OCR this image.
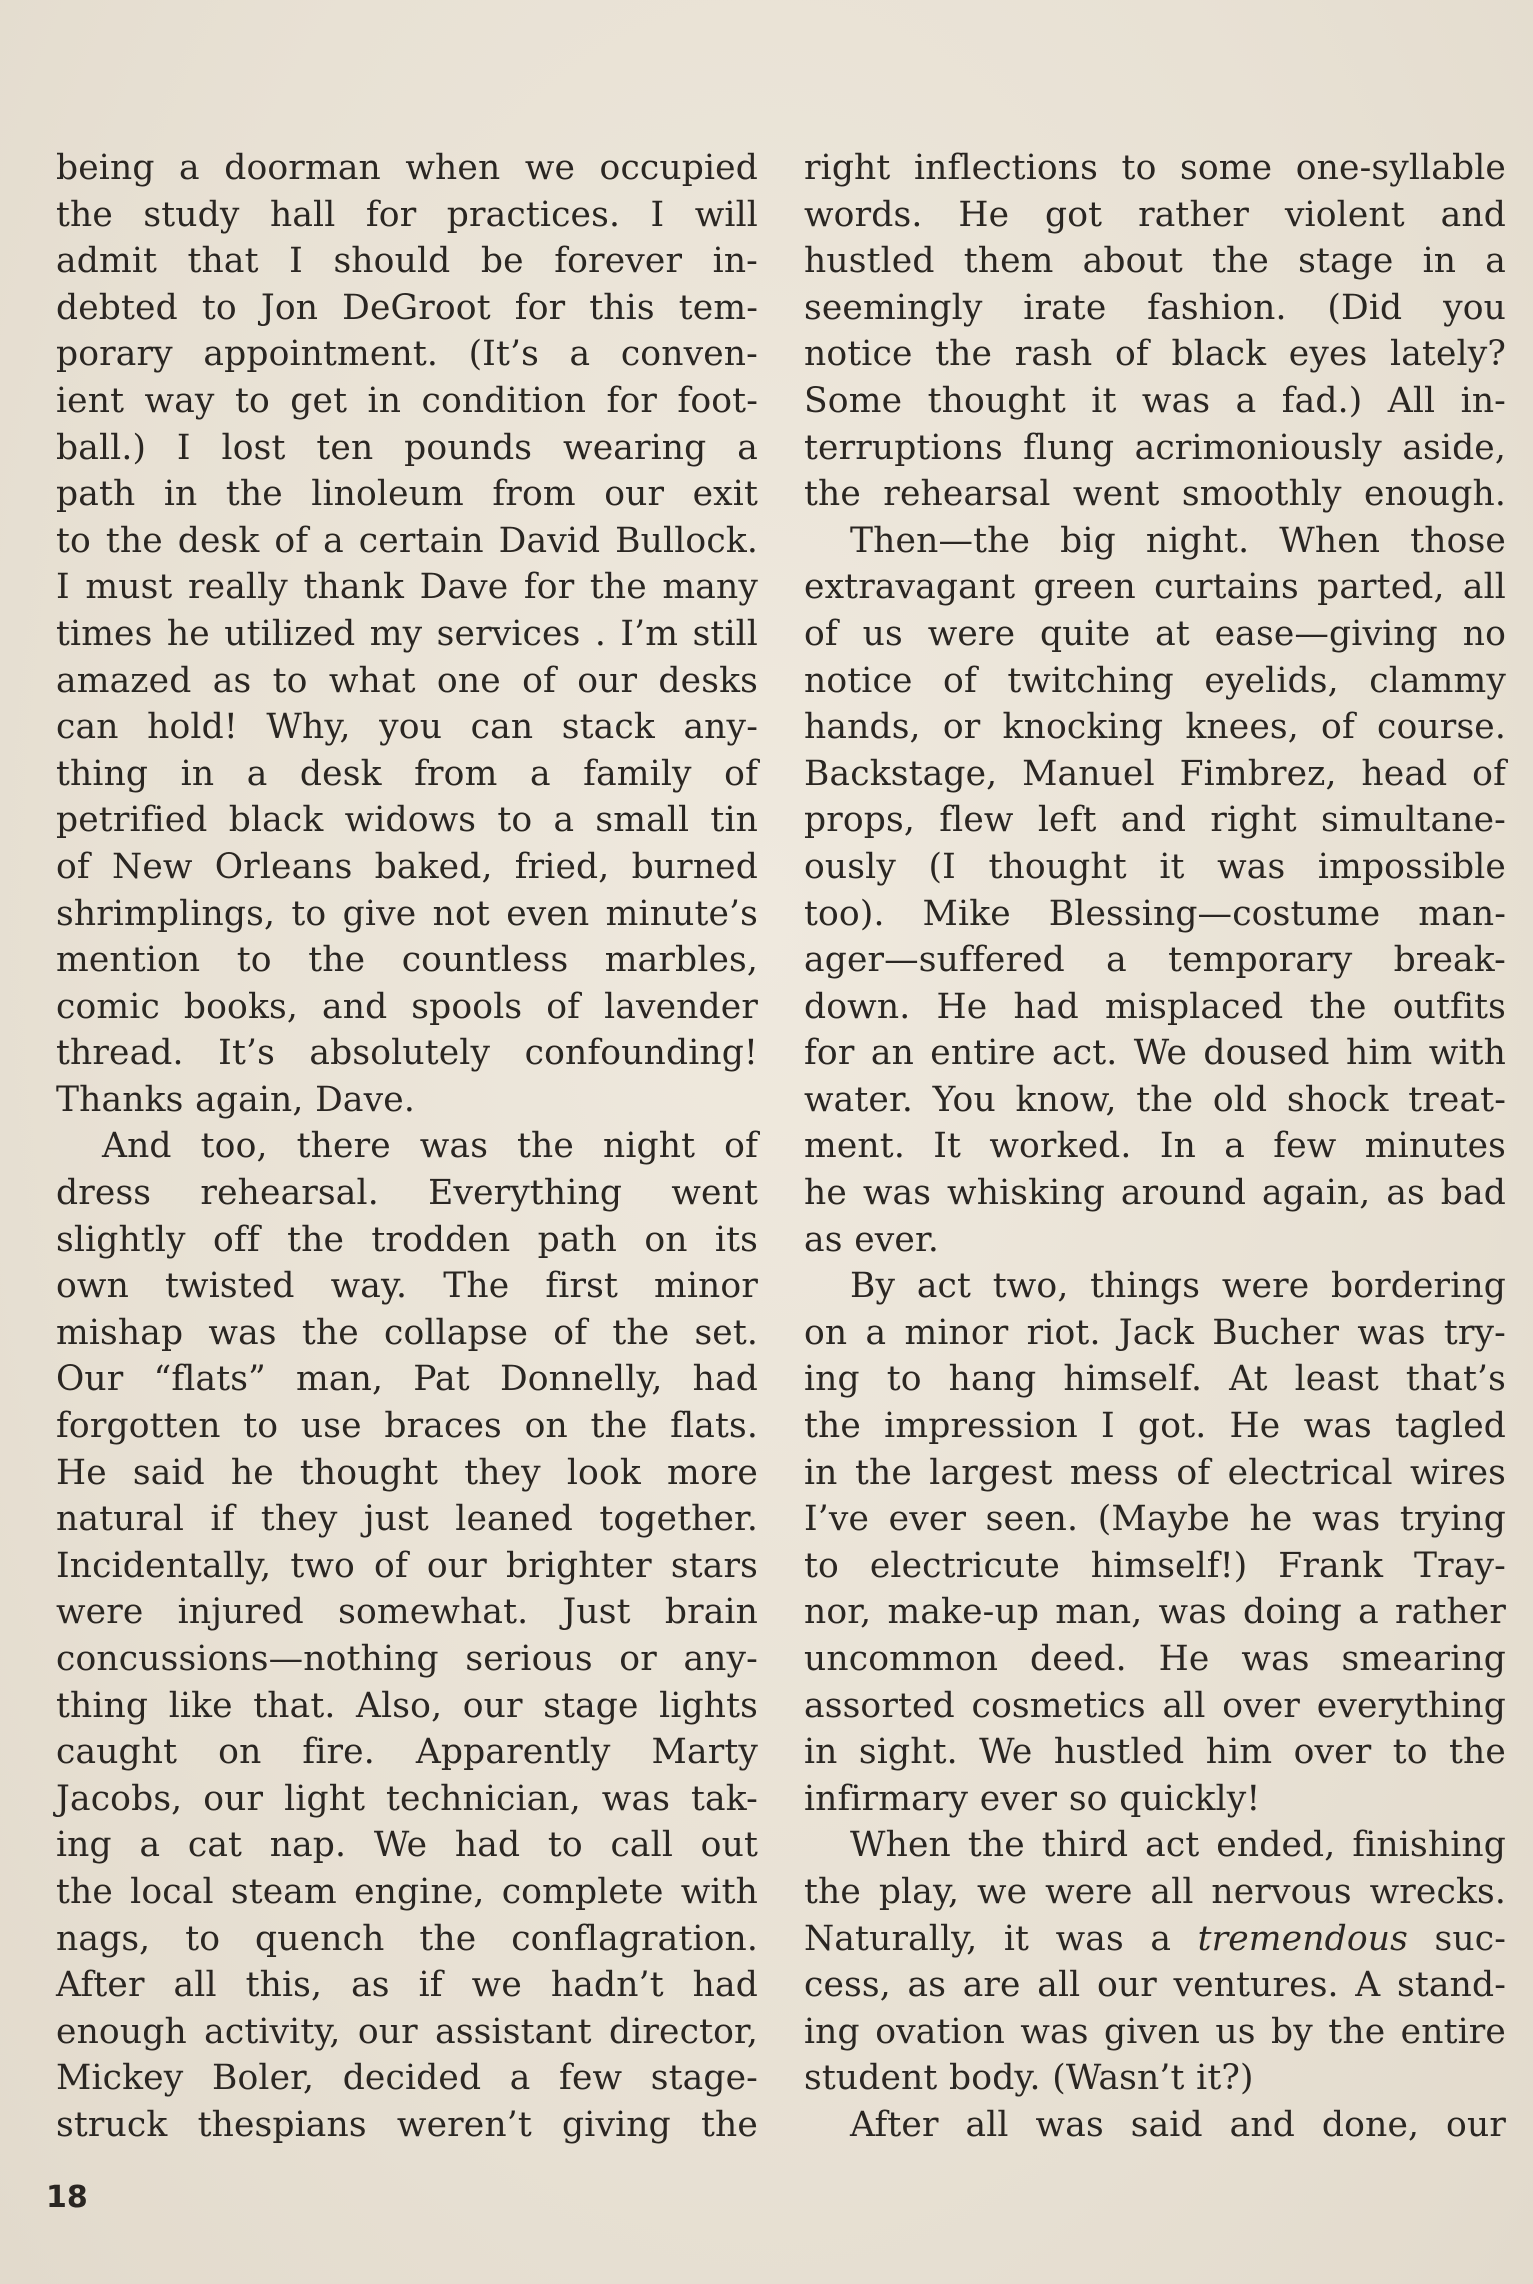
being a doorman when we occupied
the study hall for practices. I will
admit that I should be forever in-
debted to Jon DeGroot for this tem-
porary appointment. (It’s a conven-
ient way to get in condition for foot-
ball.) I lost ten pounds wearing a
path in the linoleum from our exit
to the desk of a certain David Bullock.
I must really thank Dave for the many
times he utilized my services . I’m still
amazed as to what one of our desks
can hold! Why, you can stack any-
thing in a desk from a family of
petrified black widows to a small tin
of New Orleans baked, fried, burned
shrimplings, to give not even minute’s
mention to the countless marbles,
comic books, and spools of lavender
thread. It’s absolutely confounding!
Thanks again, Dave.
And too, there was the night of
dress rehearsal. Everything went
slightly off the trodden path on its
own twisted way. The first minor
mishap was the collapse of the set.
Our “flats” man, Pat Donnelly, had
forgotten to use braces on the flats.
He said he thought they look more
natural if they just leaned together.
Incidentally, two of our brighter stars
were injured somewhat. Just brain
concussions—nothing serious or any-
thing like that. Also, our stage lights
caught on fire. Apparently Marty
Jacobs, our light technician, was tak-
ing a cat nap. We had to call out
the local steam engine, complete with
nags, to quench the conflagration.
After all this, as if we hadn’t had
enough activity, our assistant director,
Mickey Boler, decided a few stage-
struck thespians weren’t giving the
right inflections to some one-syllable
words. He got rather violent and
hustled them about the stage in a
seemingly irate fashion. (Did you
notice the rash of black eyes lately?
Some thought it was a fad.) All in-
terruptions flung acrimoniously aside,
the rehearsal went smoothly enough.
Then—the big night. When those
extravagant green curtains parted, all
of us were quite at ease—giving no
notice of twitching eyelids, clammy
hands, or knocking knees, of course.
Backstage, Manuel Fimbrez, head of
props, flew left and right simultane-
ously (I thought it was impossible
too). Mike Blessing—costume man-
ager—suffered a temporary break-
down. He had misplaced the outfits
for an entire act. We doused him with
water. You know, the old shock treat-
ment. It worked. In a few minutes
he was whisking around again, as bad
as ever.
By act two, things were bordering
on a minor riot. Jack Bucher was try-
ing to hang himself. At least that’s
the impression I got. He was tagled
in the largest mess of electrical wires
I’ve ever seen. (Maybe he was trying
to electricute himself!) Frank Tray-
nor, make-up man, was doing a rather
uncommon deed. He was smearing
assorted cosmetics all over everything
in sight. We hustled him over to the
infirmary ever so quickly!
When the third act ended, finishing
the play, we were all nervous wrecks.
Naturally, it was a tremendous suc-
cess, as are all our ventures. A stand-
ing ovation was given us by the entire
student body. (Wasn’t it?)
After all was said and done, our
18
